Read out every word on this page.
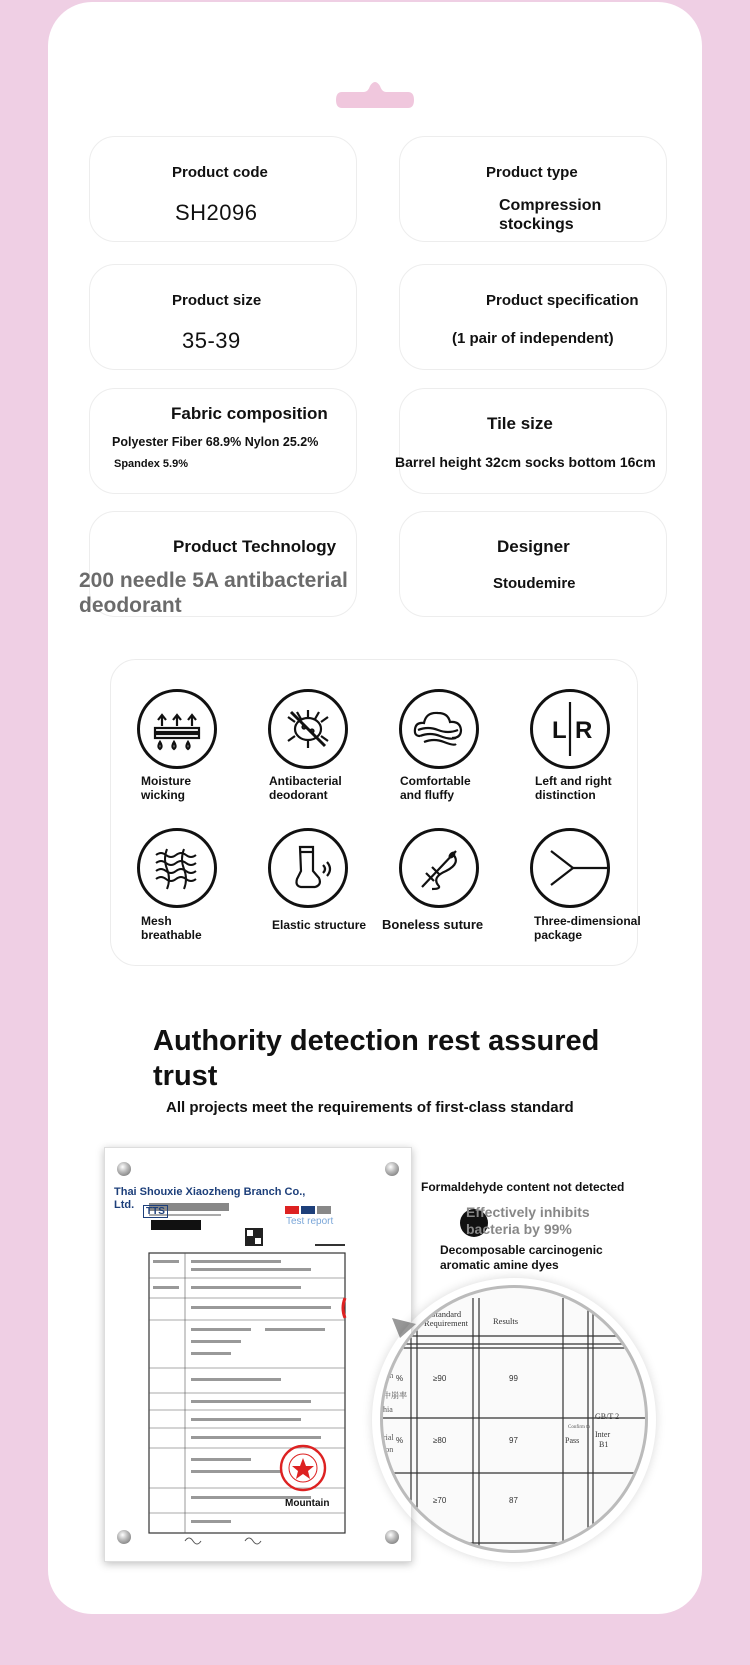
Product code
SH2096
Product type
Compression stockings
Product size
35-39
Product specification
(1 pair of independent)
Fabric composition
Polyester Fiber 68.9% Nylon 25.2%
Spandex 5.9%
Tile size
Barrel height 32cm socks bottom 16cm
Product Technology
200 needle 5A antibacterial deodorant
Designer
Stoudemire
Moisture
wicking
Antibacterial
deodorant
Comfortable
and fluffy
L R
Left and right
distinction
Mesh
breathable
Elastic structure Boneless suture	Three-dimensional
package
Authority detection rest assured trust
All projects meet the requirements of first-class standard
TTS
Mountain
Thai Shouxie Xiaozheng Branch Co., Ltd.
Test report
Formaldehyde content not detected
Effectively inhibits bacteria by 99%
Decomposable carcinogenic aromatic amine dyes
cus
ion
中崩率
hia
rial
ion
rial
on
Confirm to
Standard Requirement	Results
%
%
%
≥90	99
≥80	97
≥70	87
Pass
GB/T 2
Inter
B1
